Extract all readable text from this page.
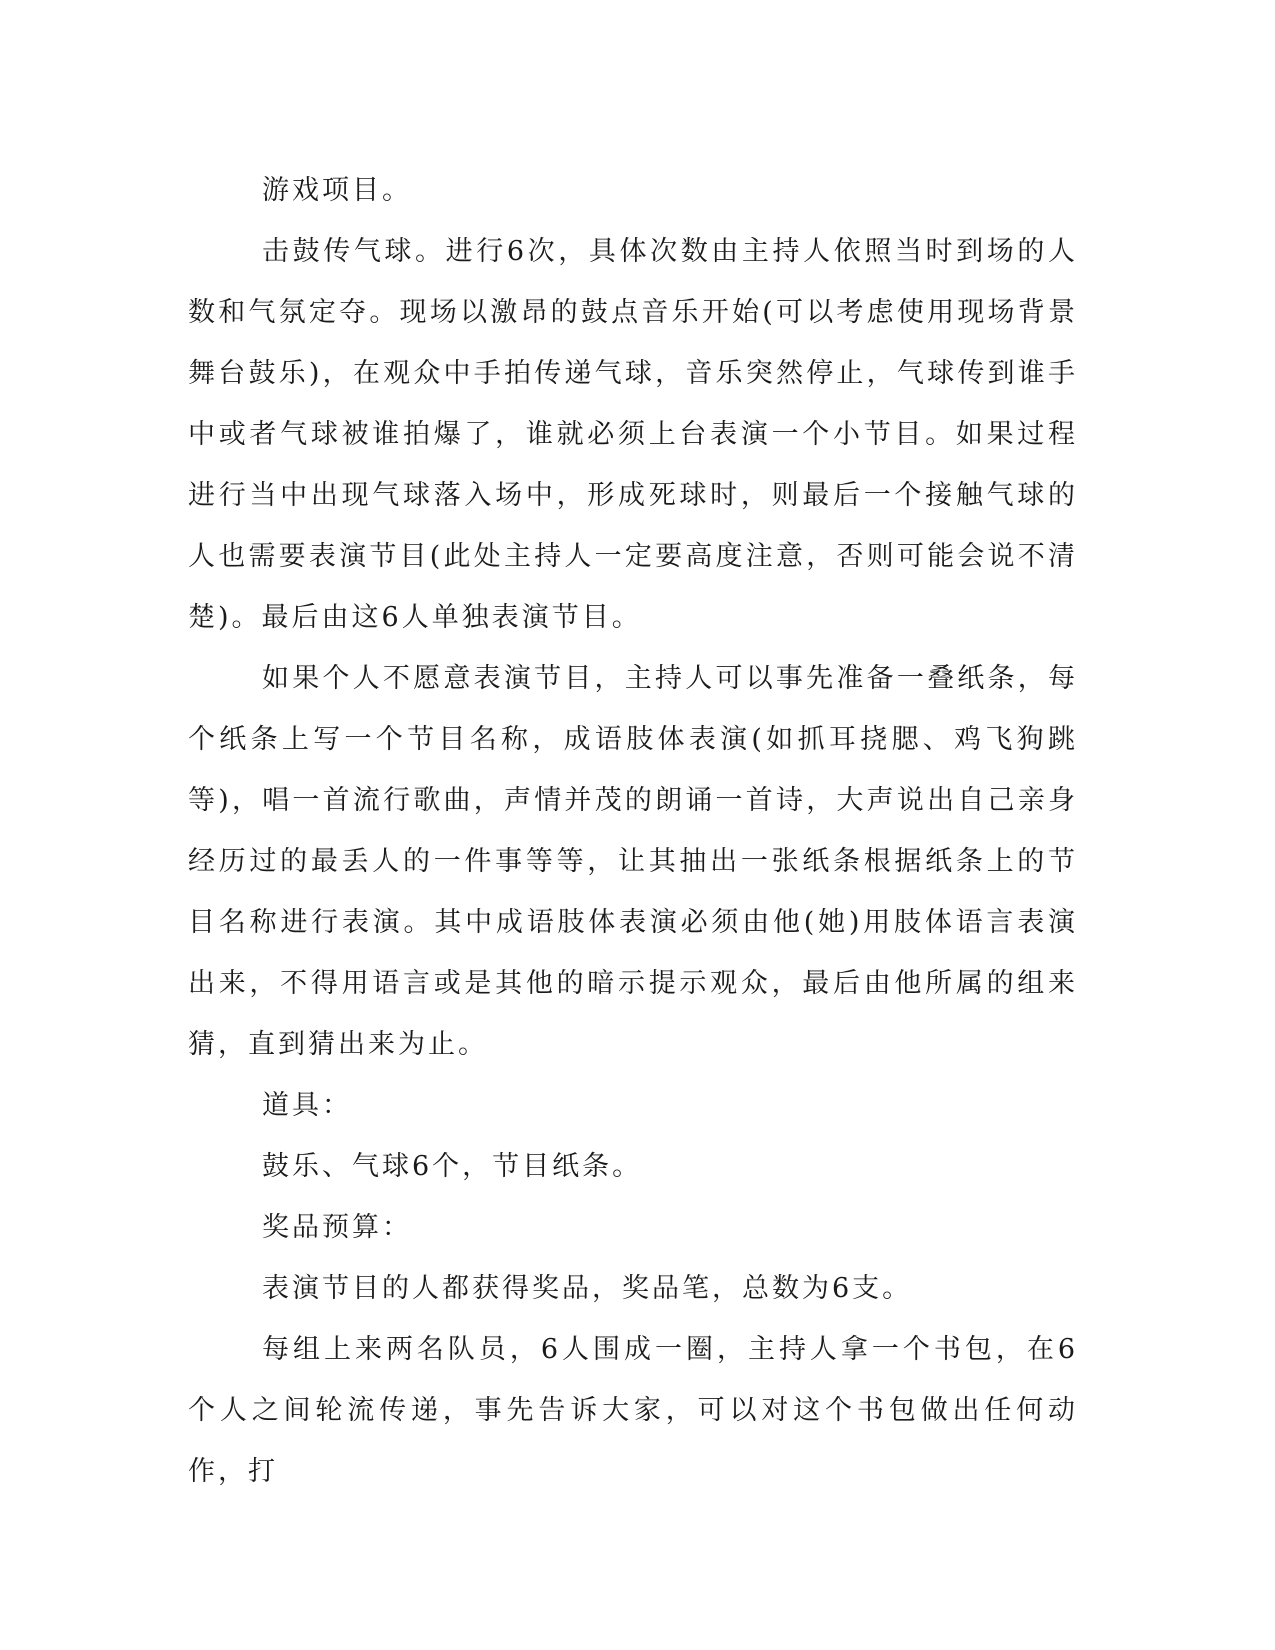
游戏项目。

击鼓传气球。进行6次，具体次数由主持人依照当时到场的人数和气氛定夺。现场以激昂的鼓点音乐开始(可以考虑使用现场背景舞台鼓乐)，在观众中手拍传递气球，音乐突然停止，气球传到谁手中或者气球被谁拍爆了，谁就必须上台表演一个小节目。如果过程进行当中出现气球落入场中，形成死球时，则最后一个接触气球的人也需要表演节目(此处主持人一定要高度注意，否则可能会说不清楚)。最后由这6人单独表演节目。

如果个人不愿意表演节目，主持人可以事先准备一叠纸条，每个纸条上写一个节目名称，成语肢体表演(如抓耳挠腮、鸡飞狗跳等)，唱一首流行歌曲，声情并茂的朗诵一首诗，大声说出自己亲身经历过的最丢人的一件事等等，让其抽出一张纸条根据纸条上的节目名称进行表演。其中成语肢体表演必须由他(她)用肢体语言表演出来，不得用语言或是其他的暗示提示观众，最后由他所属的组来猜，直到猜出来为止。

道具：

鼓乐、气球6个，节目纸条。

奖品预算：

表演节目的人都获得奖品，奖品笔，总数为6支。

每组上来两名队员，6人围成一圈，主持人拿一个书包，在6个人之间轮流传递，事先告诉大家，可以对这个书包做出任何动作，打
